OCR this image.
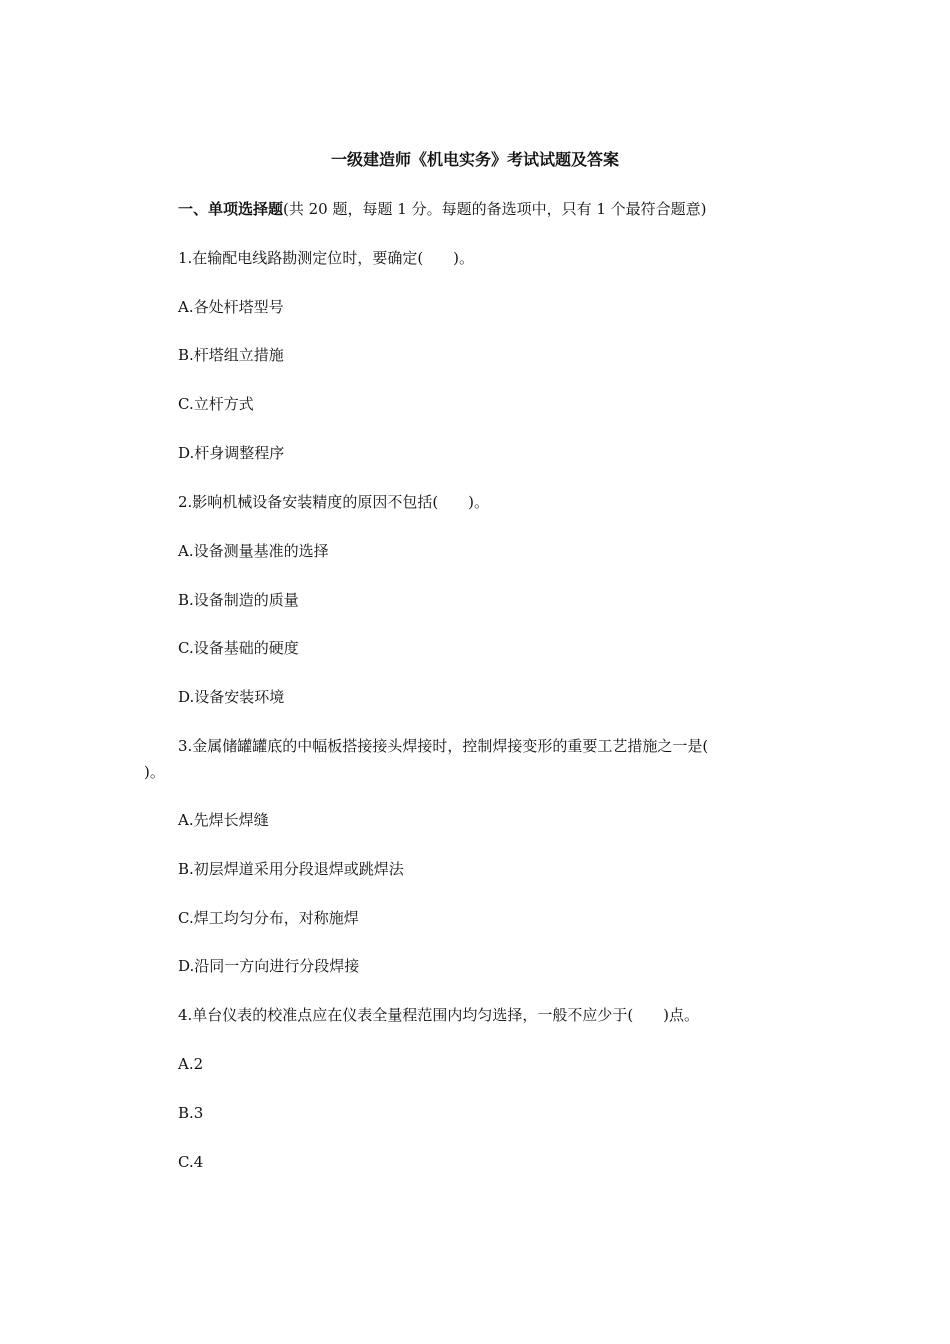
一级建造师《机电实务》考试试题及答案
一、单项选择题(共 20 题，每题 1 分。每题的备选项中，只有 1 个最符合题意)
1.在输配电线路勘测定位时，要确定(　　)。
A.各处杆塔型号
B.杆塔组立措施
C.立杆方式
D.杆身调整程序
2.影响机械设备安装精度的原因不包括(　　)。
A.设备测量基准的选择
B.设备制造的质量
C.设备基础的硬度
D.设备安装环境
3.金属储罐罐底的中幅板搭接接头焊接时，控制焊接变形的重要工艺措施之一是(
)。
A.先焊长焊缝
B.初层焊道采用分段退焊或跳焊法
C.焊工均匀分布，对称施焊
D.沿同一方向进行分段焊接
4.单台仪表的校准点应在仪表全量程范围内均匀选择，一般不应少于(　　)点。
A.2
B.3
C.4
